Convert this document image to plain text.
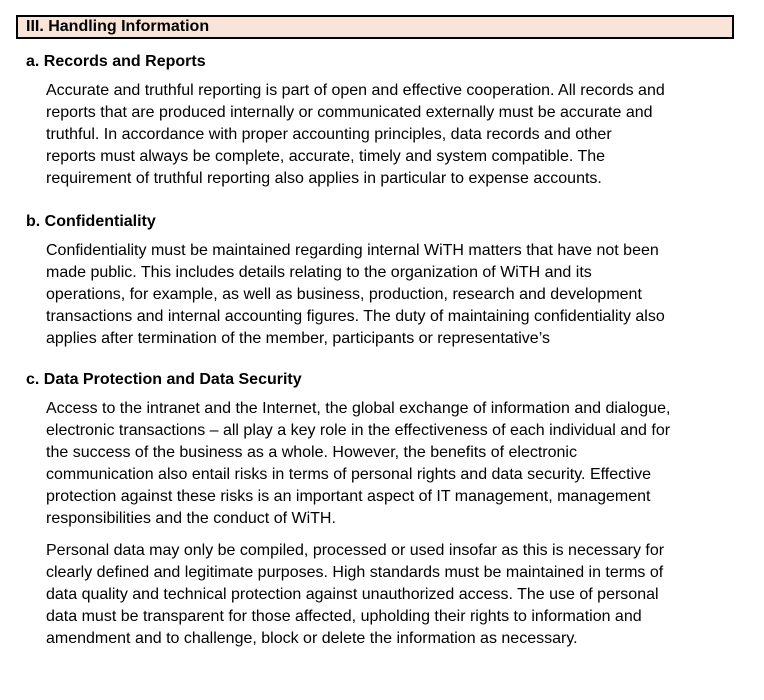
III. Handling Information
a. Records and Reports
Accurate and truthful reporting is part of open and effective cooperation. All records and
reports that are produced internally or communicated externally must be accurate and
truthful. In accordance with proper accounting principles, data records and other
reports must always be complete, accurate, timely and system compatible. The
requirement of truthful reporting also applies in particular to expense accounts.
b. Confidentiality
Confidentiality must be maintained regarding internal WiTH matters that have not been
made public. This includes details relating to the organization of WiTH and its
operations, for example, as well as business, production, research and development
transactions and internal accounting figures. The duty of maintaining confidentiality also
applies after termination of the member, participants or representative’s
c. Data Protection and Data Security
Access to the intranet and the Internet, the global exchange of information and dialogue,
electronic transactions – all play a key role in the effectiveness of each individual and for
the success of the business as a whole. However, the benefits of electronic
communication also entail risks in terms of personal rights and data security. Effective
protection against these risks is an important aspect of IT management, management
responsibilities and the conduct of WiTH.
Personal data may only be compiled, processed or used insofar as this is necessary for
clearly defined and legitimate purposes. High standards must be maintained in terms of
data quality and technical protection against unauthorized access. The use of personal
data must be transparent for those affected, upholding their rights to information and
amendment and to challenge, block or delete the information as necessary.
